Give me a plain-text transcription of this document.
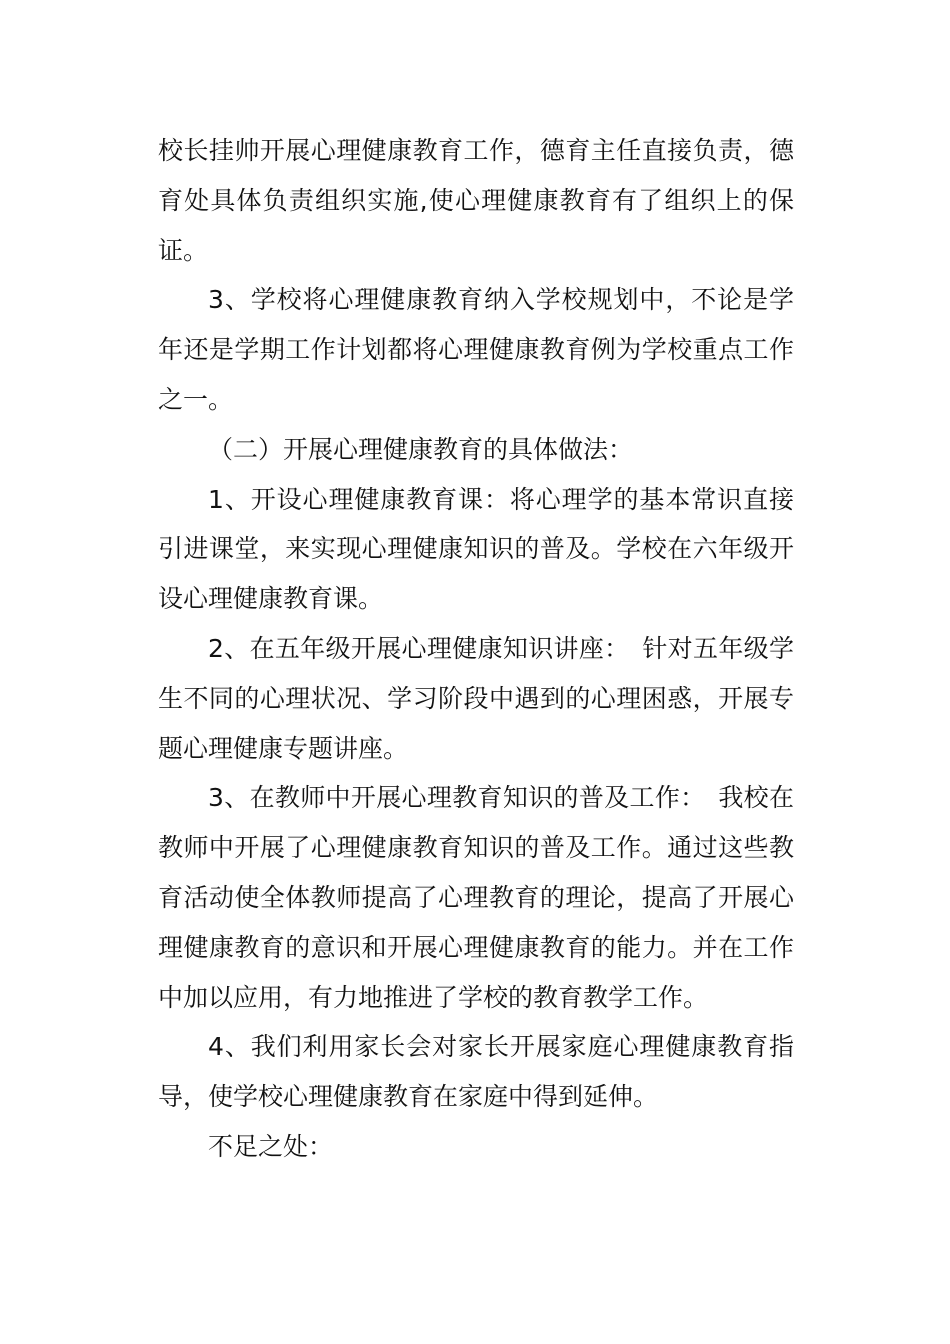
校长挂帅开展心理健康教育工作，德育主任直接负责，德育处具体负责组织实施,使心理健康教育有了组织上的保证。

3、学校将心理健康教育纳入学校规划中，不论是学年还是学期工作计划都将心理健康教育例为学校重点工作之一。

（二）开展心理健康教育的具体做法：

1、开设心理健康教育课：将心理学的基本常识直接引进课堂，来实现心理健康知识的普及。学校在六年级开设心理健康教育课。

2、在五年级开展心理健康知识讲座：　针对五年级学生不同的心理状况、学习阶段中遇到的心理困惑，开展专题心理健康专题讲座。

3、在教师中开展心理教育知识的普及工作：　我校在教师中开展了心理健康教育知识的普及工作。通过这些教育活动使全体教师提高了心理教育的理论，提高了开展心理健康教育的意识和开展心理健康教育的能力。并在工作中加以应用，有力地推进了学校的教育教学工作。

4、我们利用家长会对家长开展家庭心理健康教育指导，使学校心理健康教育在家庭中得到延伸。

不足之处：
